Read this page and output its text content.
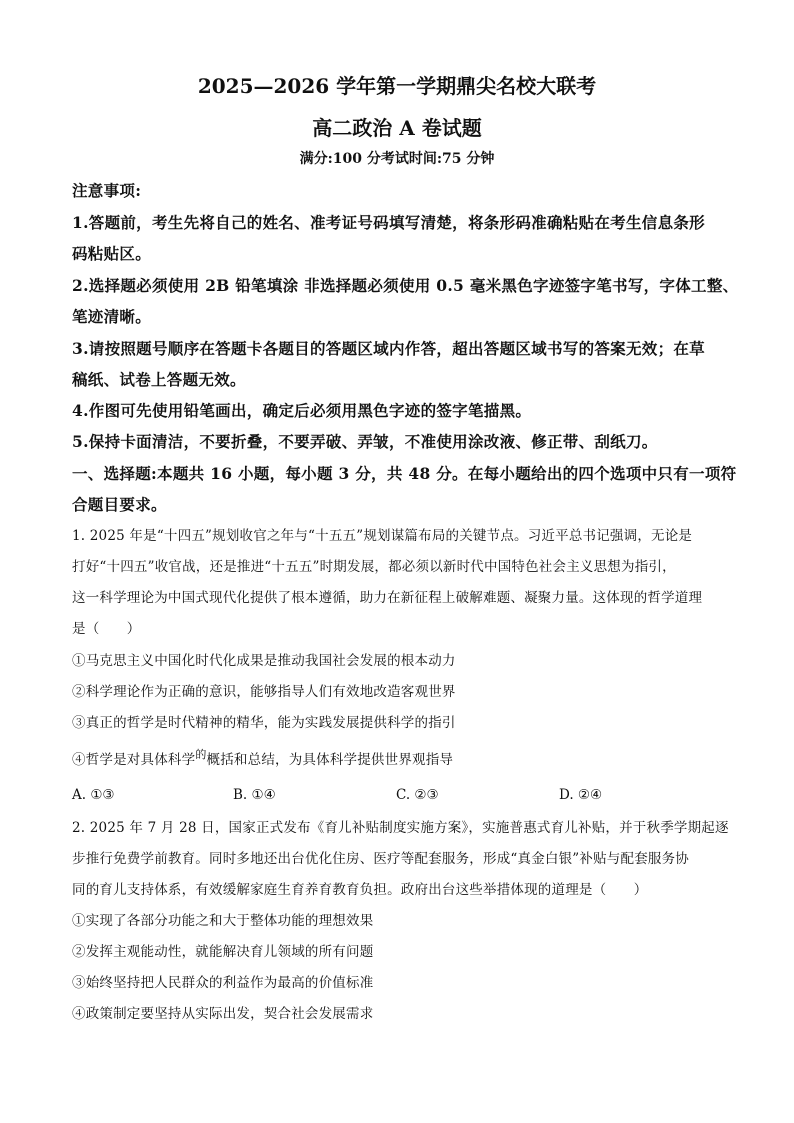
2025—2026 学年第一学期鼎尖名校大联考
高二政治 A 卷试题
满分:100 分考试时间:75 分钟
注意事项:
1.答题前，考生先将自己的姓名、准考证号码填写清楚，将条形码准确粘贴在考生信息条形
码粘贴区。
2.选择题必须使用 2B 铅笔填涂 非选择题必须使用 0.5 毫米黑色字迹签字笔书写，字体工整、
笔迹清晰。
3.请按照题号顺序在答题卡各题目的答题区域内作答，超出答题区域书写的答案无效；在草
稿纸、试卷上答题无效。
4.作图可先使用铅笔画出，确定后必须用黑色字迹的签字笔描黑。
5.保持卡面清洁，不要折叠，不要弄破、弄皱，不准使用涂改液、修正带、刮纸刀。
一、选择题:本题共 16 小题，每小题 3 分，共 48 分。在每小题给出的四个选项中只有一项符
合题目要求。
1. 2025 年是“十四五”规划收官之年与“十五五”规划谋篇布局的关键节点。习近平总书记强调，无论是
打好“十四五”收官战，还是推进“十五五”时期发展，都必须以新时代中国特色社会主义思想为指引，
这一科学理论为中国式现代化提供了根本遵循，助力在新征程上破解难题、凝聚力量。这体现的哲学道理
是（　　）
①马克思主义中国化时代化成果是推动我国社会发展的根本动力
②科学理论作为正确的意识，能够指导人们有效地改造客观世界
③真正的哲学是时代精神的精华，能为实践发展提供科学的指引
④哲学是对具体科学$^的$概括和总结，为具体科学提供世界观指导
A. ①③	B. ①④	C. ②③	D. ②④
2. 2025 年 7 月 28 日，国家正式发布《育儿补贴制度实施方案》，实施普惠式育儿补贴，并于秋季学期起逐
步推行免费学前教育。同时多地还出台优化住房、医疗等配套服务，形成“真金白银”补贴与配套服务协
同的育儿支持体系，有效缓解家庭生育养育教育负担。政府出台这些举措体现的道理是（　　）
①实现了各部分功能之和大于整体功能的理想效果
②发挥主观能动性，就能解决育儿领域的所有问题
③始终坚持把人民群众的利益作为最高的价值标准
④政策制定要坚持从实际出发，契合社会发展需求
